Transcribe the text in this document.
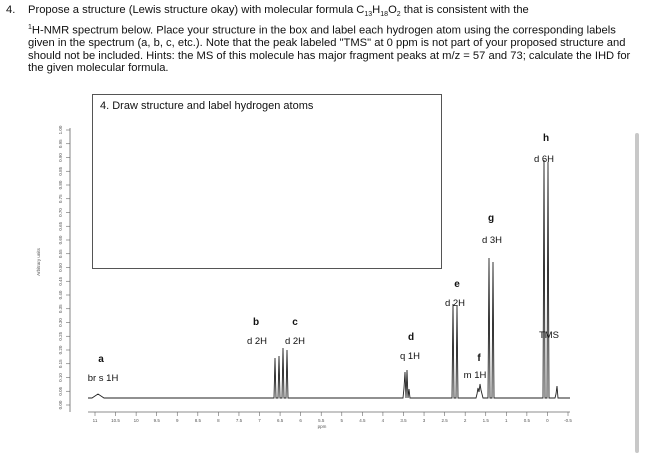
4. Propose a structure (Lewis structure okay) with molecular formula $C_{13}H_{18}O_2$ that is consistent with the
$^1$H-NMR spectrum below. Place your structure in the box and label each hydrogen atom using the corresponding labels given in the spectrum (a, b, c, etc.). Note that the peak labeled "TMS" at 0 ppm is not part of your proposed structure and should not be included. Hints: the MS of this molecule has major fragment peaks at m/z = 57 and 73; calculate the IHD for the given molecular formula.
0.00
0.05
0.10
0.15
0.20
0.25
0.30
0.35
0.40
0.45
0.50
0.55
0.60
0.65
0.70
0.75
0.80
0.85
0.90
0.95
1.00
Arbitrary units
11	10.5	10	9.5	9	8.5	8	7.5	7	6.5	6	5.5	5	4.5	4	3.5	3	2.5	2	1.5	1	0.5	0	-0.5
ppm
a
br s 1H
b
d 2H
c
d 2H	d
q 1H
e
d 2H
f
m 1H
g
d 3H
h
d 6H
TMS
4. Draw structure and label hydrogen atoms
